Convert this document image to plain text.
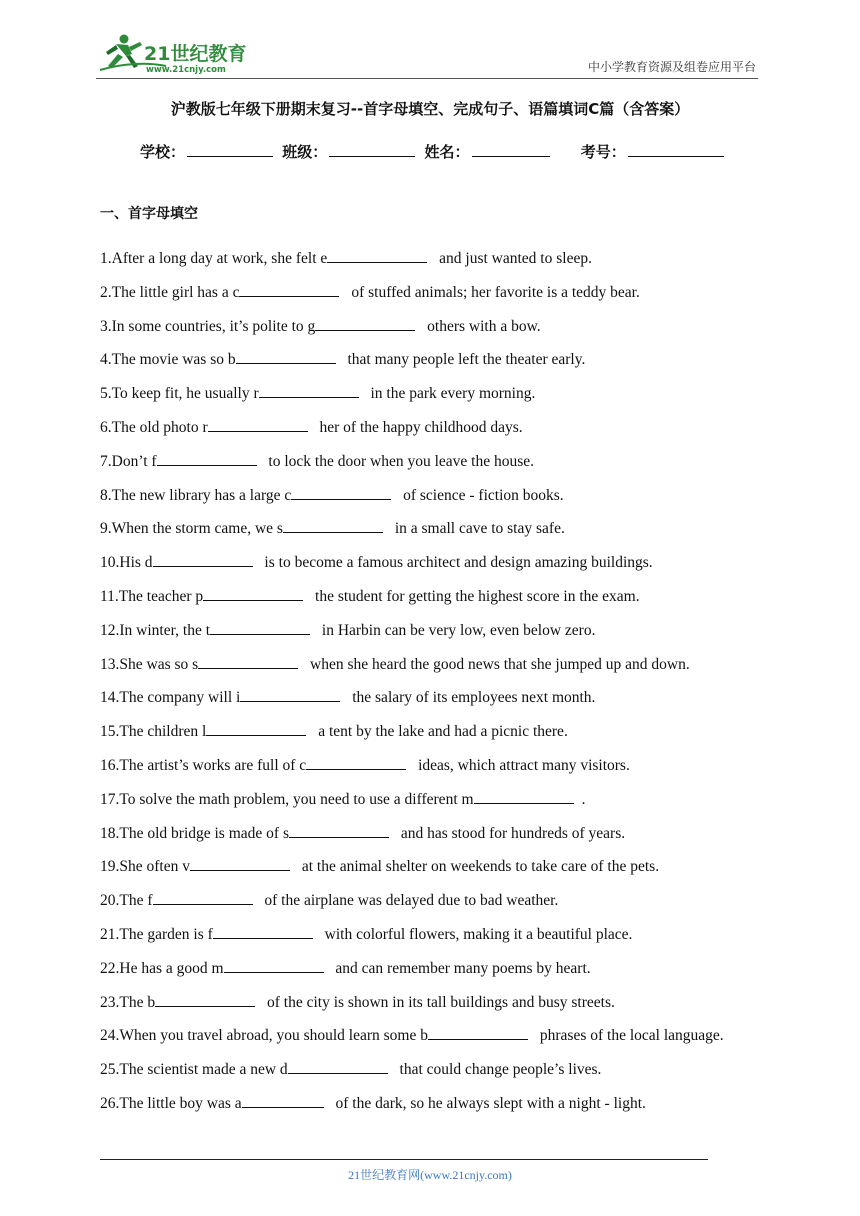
21世纪教育
www.21cnjy.com	中小学教育资源及组卷应用平台
沪教版七年级下册期末复习--首字母填空、完成句子、语篇填词C篇（含答案）
学校：	班级：	姓名：	考号：
一、首字母填空
1.After a long day at work, she felt e	and just wanted to sleep.
2.The little girl has a c	of stuffed animals; her favorite is a teddy bear.
3.In some countries, it’s polite to g	others with a bow.
4.The movie was so b	that many people left the theater early.
5.To keep fit, he usually r	in the park every morning.
6.The old photo r	her of the happy childhood days.
7.Don’t f	to lock the door when you leave the house.
8.The new library has a large c	of science - fiction books.
9.When the storm came, we s	in a small cave to stay safe.
10.His d	is to become a famous architect and design amazing buildings.
11.The teacher p	the student for getting the highest score in the exam.
12.In winter, the t	in Harbin can be very low, even below zero.
13.She was so s	when she heard the good news that she jumped up and down.
14.The company will i	the salary of its employees next month.
15.The children l	a tent by the lake and had a picnic there.
16.The artist’s works are full of c	ideas, which attract many visitors.
17.To solve the math problem, you need to use a different m	.
18.The old bridge is made of s	and has stood for hundreds of years.
19.She often v	at the animal shelter on weekends to take care of the pets.
20.The f	of the airplane was delayed due to bad weather.
21.The garden is f	with colorful flowers, making it a beautiful place.
22.He has a good m	and can remember many poems by heart.
23.The b	of the city is shown in its tall buildings and busy streets.
24.When you travel abroad, you should learn some b	phrases of the local language.
25.The scientist made a new d	that could change people’s lives.
26.The little boy was a	of the dark, so he always slept with a night - light.
21世纪教育网(www.21cnjy.com)
